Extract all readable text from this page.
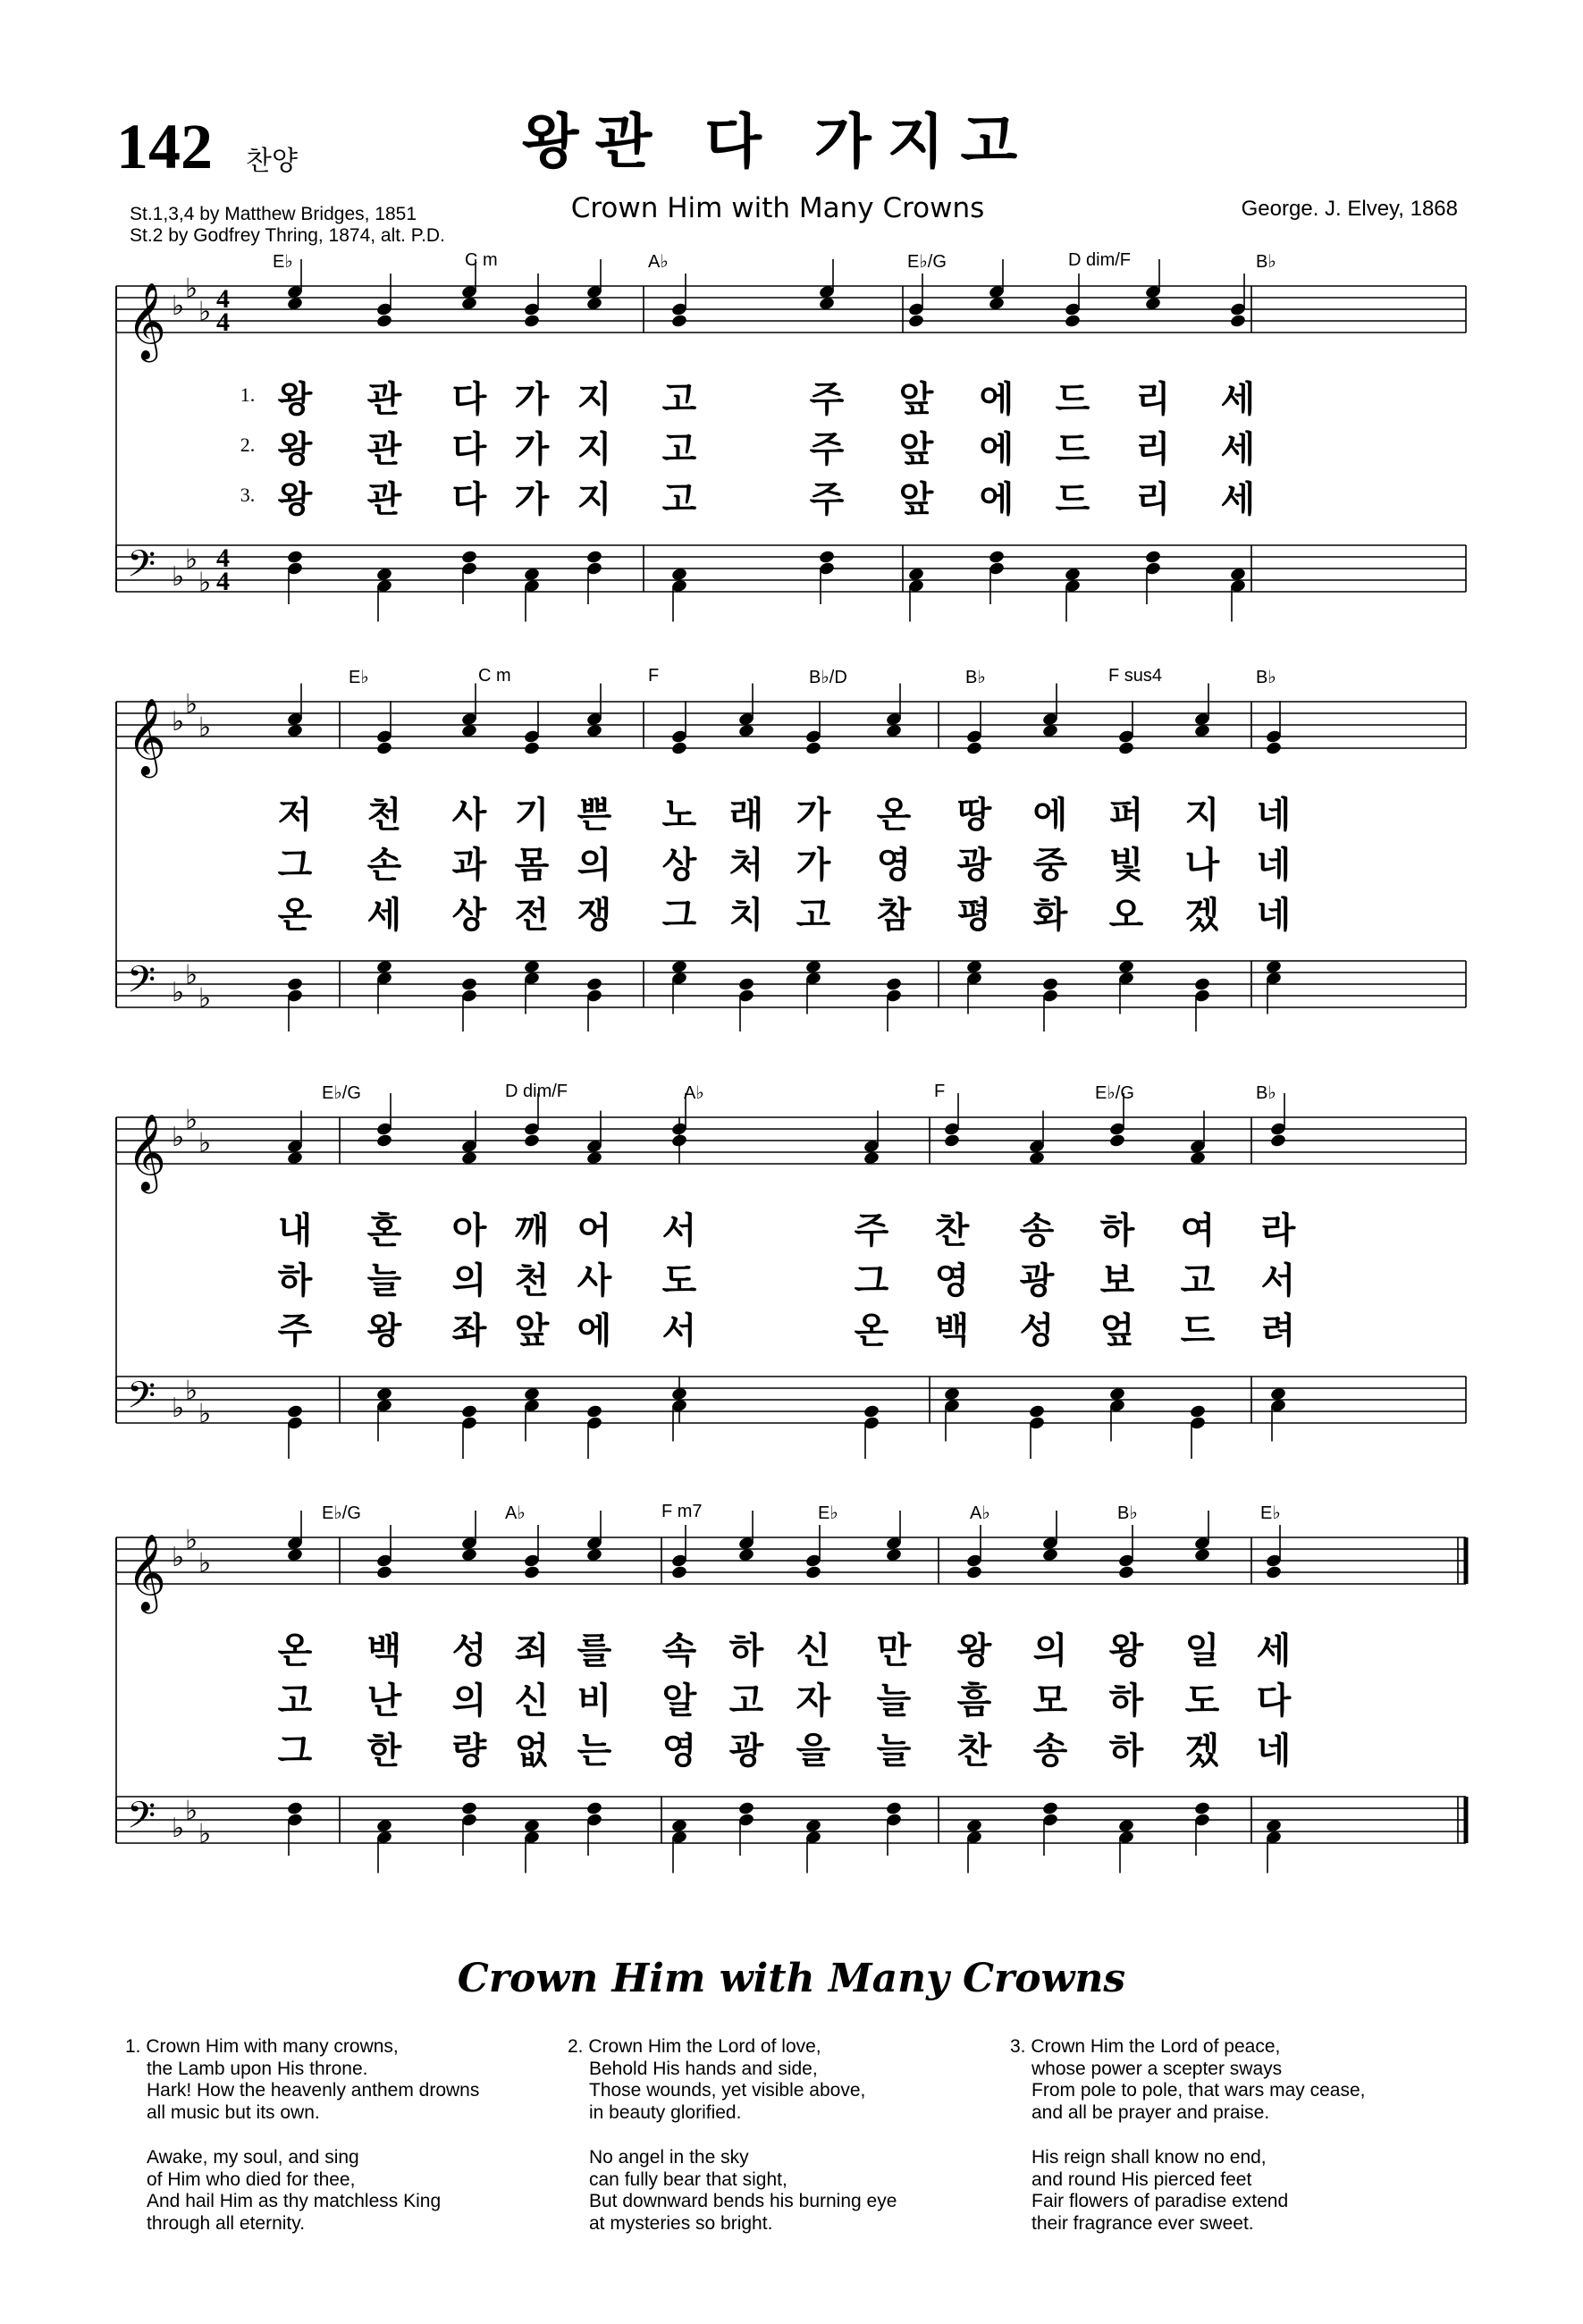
142 찬양	왕관 다 가지고
Crown Him with Many Crowns
St.1,3,4 by Matthew Bridges, 1851
St.2 by Godfrey Thring, 1874, alt. P.D.
George. J. Elvey, 1868
𝄞 ♭
♭
♭ 4
4
𝄢 ♭
♭
♭
4
4
E♭	C m	A♭	E♭/G	D dim/F	B♭
1. 왕 관 다 가 지 고	주 앞 에 드 리 세
2. 왕 관 다 가 지 고	주 앞 에 드 리 세
3. 왕 관 다 가 지 고	주 앞 에 드 리 세
𝄞 ♭
♭
♭
𝄢 ♭
♭
♭
E♭	C m	F	B♭/D	B♭	F sus4	B♭
저 천 사 기 쁜 노 래 가 온 땅 에 퍼 지 네
그 손 과 몸 의 상 처 가 영 광 중 빛 나 네
온 세 상 전 쟁 그 치 고 참 평 화 오 겠 네
𝄞 ♭
♭
♭
𝄢 ♭
♭
♭
E♭/G	D dim/F	A♭	F	E♭/G	B♭
내 혼 아 깨 어 서	주 찬 송 하 여 라
하 늘 의 천 사 도	그 영 광 보 고 서
주 왕 좌 앞 에 서	온 백 성 엎 드 려
𝄞 ♭
♭
♭
𝄢 ♭
♭
♭
E♭/G	A♭	F m7	E♭	A♭	B♭	E♭
온 백 성 죄 를 속 하 신 만 왕 의 왕 일 세
고 난 의 신 비 알 고 자 늘 흠 모 하 도 다
그 한 량 없 는 영 광 을 늘 찬 송 하 겠 네
Crown Him with Many Crowns

1. Crown Him with many crowns,
the Lamb upon His throne.
Hark! How the heavenly anthem drowns
all music but its own.

Awake, my soul, and sing
of Him who died for thee,
And hail Him as thy matchless King
through all eternity.

2. Crown Him the Lord of love,
Behold His hands and side,
Those wounds, yet visible above,
in beauty glorified.

No angel in the sky
can fully bear that sight,
But downward bends his burning eye
at mysteries so bright.

3. Crown Him the Lord of peace,
whose power a scepter sways
From pole to pole, that wars may cease,
and all be prayer and praise.

His reign shall know no end,
and round His pierced feet
Fair flowers of paradise extend
their fragrance ever sweet.
